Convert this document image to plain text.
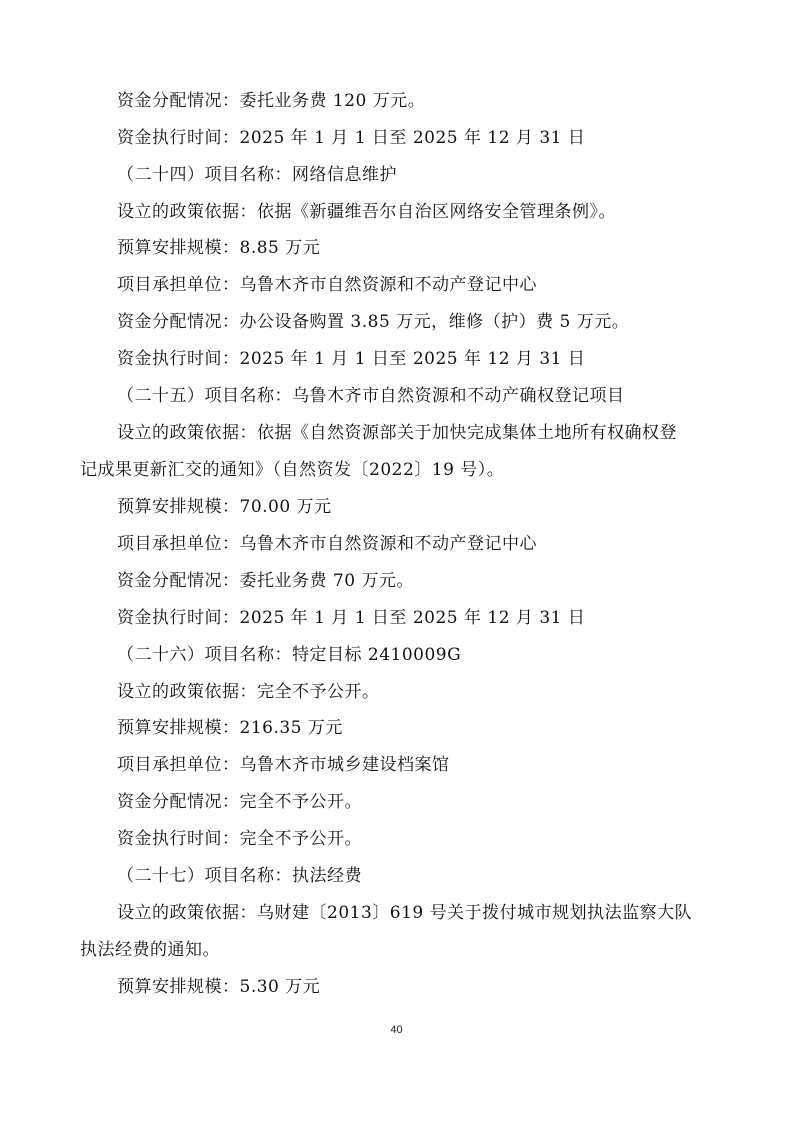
资金分配情况：委托业务费 120 万元。
资金执行时间：2025 年 1 月 1 日至 2025 年 12 月 31 日
（二十四）项目名称：网络信息维护
设立的政策依据：依据《新疆维吾尔自治区网络安全管理条例》。
预算安排规模：8.85 万元
项目承担单位：乌鲁木齐市自然资源和不动产登记中心
资金分配情况：办公设备购置 3.85 万元，维修（护）费 5 万元。
资金执行时间：2025 年 1 月 1 日至 2025 年 12 月 31 日
（二十五）项目名称：乌鲁木齐市自然资源和不动产确权登记项目
设立的政策依据：依据《自然资源部关于加快完成集体土地所有权确权登
记成果更新汇交的通知》（自然资发〔2022〕19 号）。
预算安排规模：70.00 万元
项目承担单位：乌鲁木齐市自然资源和不动产登记中心
资金分配情况：委托业务费 70 万元。
资金执行时间：2025 年 1 月 1 日至 2025 年 12 月 31 日
（二十六）项目名称：特定目标 2410009G
设立的政策依据：完全不予公开。
预算安排规模：216.35 万元
项目承担单位：乌鲁木齐市城乡建设档案馆
资金分配情况：完全不予公开。
资金执行时间：完全不予公开。
（二十七）项目名称：执法经费
设立的政策依据：乌财建〔2013〕619 号关于拨付城市规划执法监察大队
执法经费的通知。
预算安排规模：5.30 万元
40
